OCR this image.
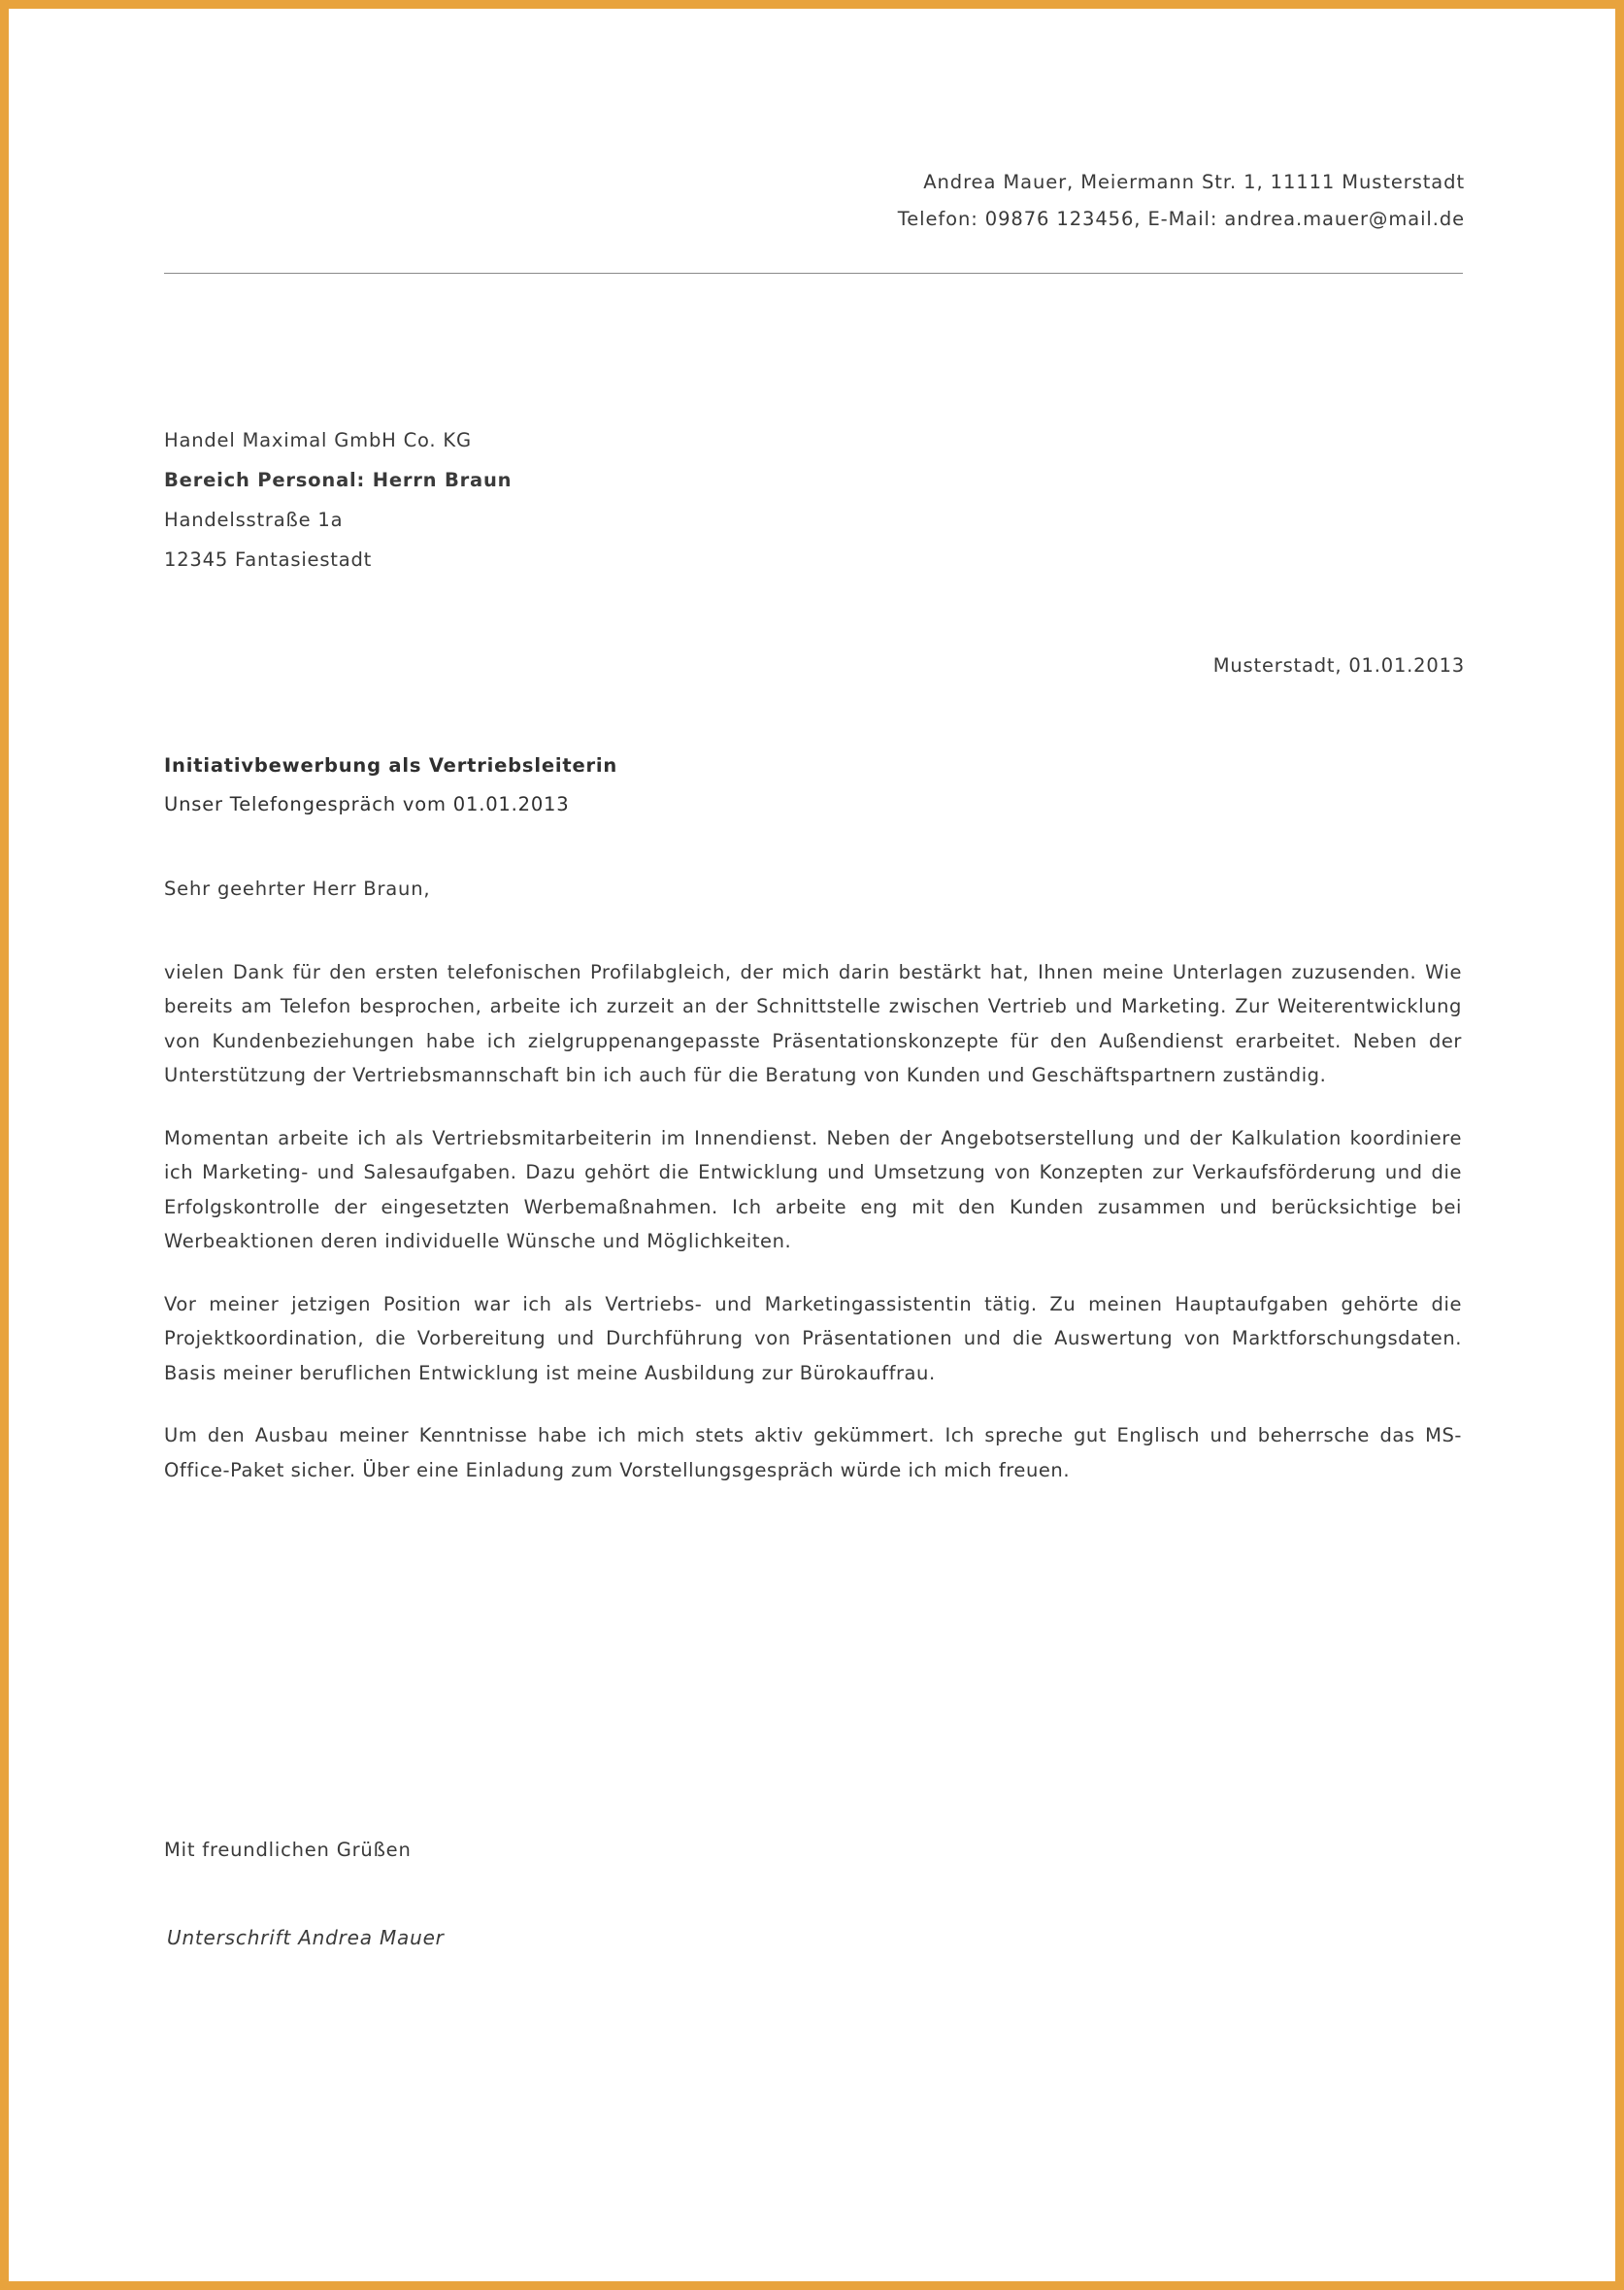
Andrea Mauer, Meiermann Str. 1, 11111 Musterstadt
Telefon: 09876 123456, E-Mail: andrea.mauer@mail.de
Handel Maximal GmbH Co. KG
Bereich Personal: Herrn Braun
Handelsstraße 1a
12345 Fantasiestadt
Musterstadt, 01.01.2013
Initiativbewerbung als Vertriebsleiterin
Unser Telefongespräch vom 01.01.2013
Sehr geehrter Herr Braun,

vielen Dank für den ersten telefonischen Profilabgleich, der mich darin bestärkt hat, Ihnen meine Unterlagen zuzusenden. Wie bereits am Telefon besprochen, arbeite ich zurzeit an der Schnittstelle zwischen Vertrieb und Marketing. Zur Weiterentwicklung von Kundenbeziehungen habe ich zielgruppenangepasste Präsentationskonzepte für den Außendienst erarbeitet. Neben der Unterstützung der Vertriebsmannschaft bin ich auch für die Beratung von Kunden und Geschäftspartnern zuständig.

Momentan arbeite ich als Vertriebsmitarbeiterin im Innendienst. Neben der Angebotserstellung und der Kalkulation koordiniere ich Marketing- und Salesaufgaben. Dazu gehört die Entwicklung und Umsetzung von Konzepten zur Verkaufsförderung und die Erfolgskontrolle der eingesetzten Werbemaßnahmen. Ich arbeite eng mit den Kunden zusammen und berücksichtige bei Werbeaktionen deren individuelle Wünsche und Möglichkeiten.

Vor meiner jetzigen Position war ich als Vertriebs- und Marketingassistentin tätig. Zu meinen Hauptaufgaben gehörte die Projektkoordination, die Vorbereitung und Durchführung von Präsentationen und die Auswertung von Marktforschungsdaten. Basis meiner beruflichen Entwicklung ist meine Ausbildung zur Bürokauffrau.

Um den Ausbau meiner Kenntnisse habe ich mich stets aktiv gekümmert. Ich spreche gut Englisch und beherrsche das MS-Office-Paket sicher. Über eine Einladung zum Vorstellungsgespräch würde ich mich freuen.

Mit freundlichen Grüßen
Unterschrift Andrea Mauer
